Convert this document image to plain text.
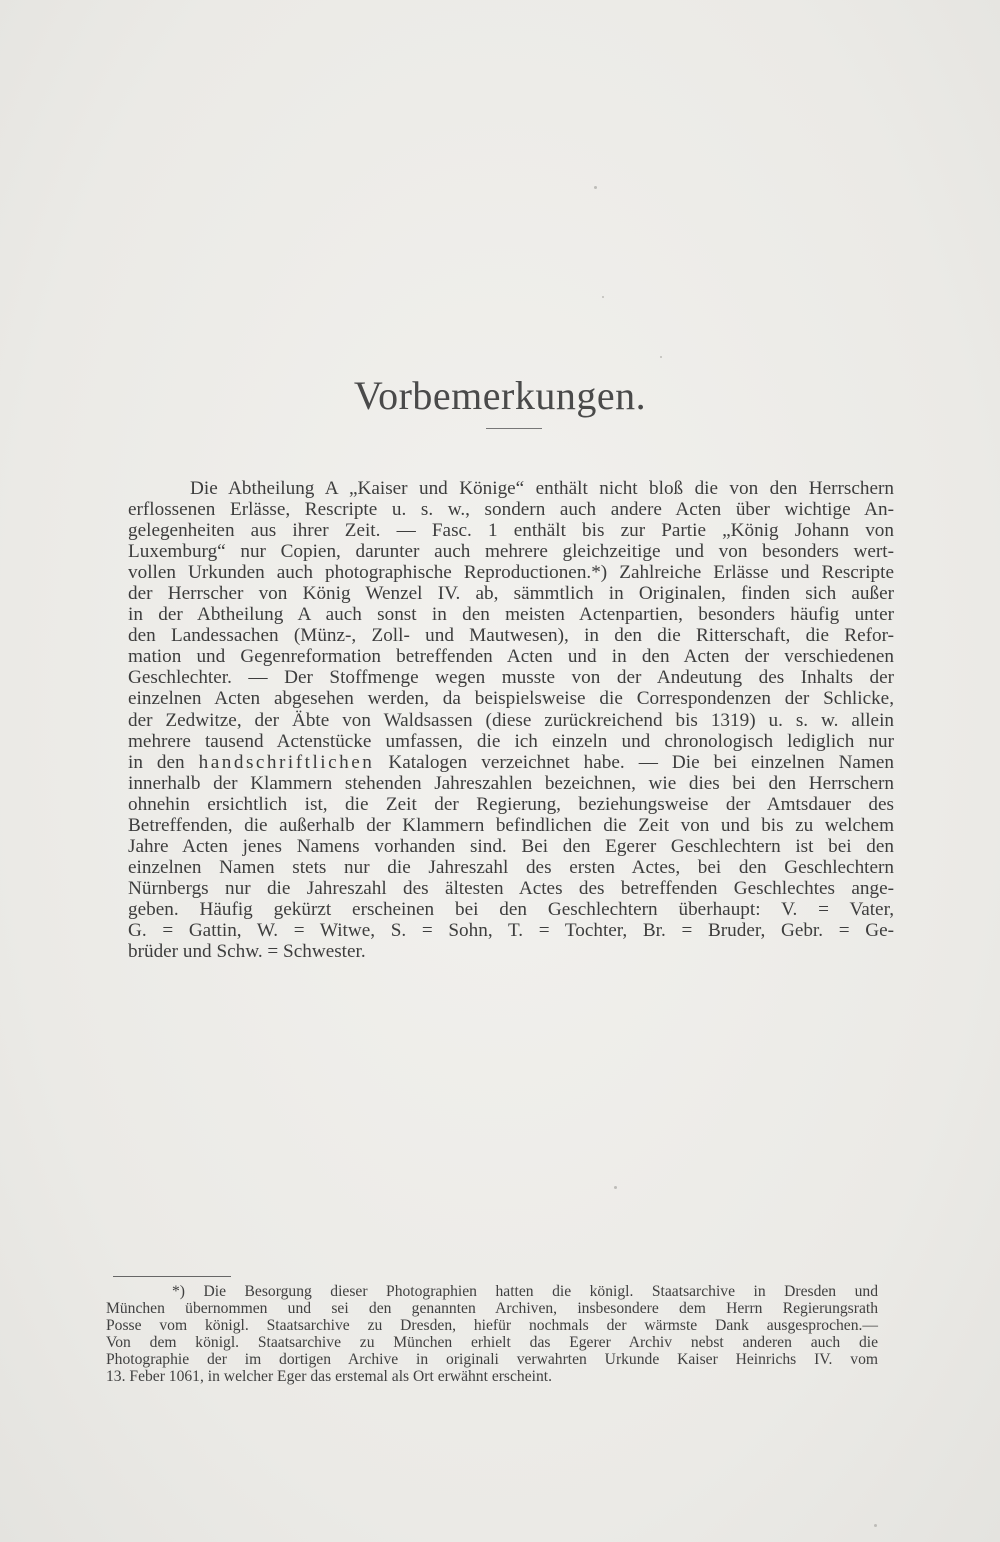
Vorbemerkungen.
Die Abtheilung A „Kaiser und Könige“ enthält nicht bloß die von den Herrschern
erflossenen Erlässe, Rescripte u. s. w., sondern auch andere Acten über wichtige An-
gelegenheiten aus ihrer Zeit. — Fasc. 1 enthält bis zur Partie „König Johann von
Luxemburg“ nur Copien, darunter auch mehrere gleichzeitige und von besonders wert-
vollen Urkunden auch photographische Reproductionen.*) Zahlreiche Erlässe und Rescripte
der Herrscher von König Wenzel IV. ab, sämmtlich in Originalen, finden sich außer
in der Abtheilung A auch sonst in den meisten Actenpartien, besonders häufig unter
den Landessachen (Münz-, Zoll- und Mautwesen), in den die Ritterschaft, die Refor-
mation und Gegenreformation betreffenden Acten und in den Acten der verschiedenen
Geschlechter. — Der Stoffmenge wegen musste von der Andeutung des Inhalts der
einzelnen Acten abgesehen werden, da beispielsweise die Correspondenzen der Schlicke,
der Zedwitze, der Äbte von Waldsassen (diese zurückreichend bis 1319) u. s. w. allein
mehrere tausend Actenstücke umfassen, die ich einzeln und chronologisch lediglich nur
in den handschriftlichen Katalogen verzeichnet habe. — Die bei einzelnen Namen
innerhalb der Klammern stehenden Jahreszahlen bezeichnen, wie dies bei den Herrschern
ohnehin ersichtlich ist, die Zeit der Regierung, beziehungsweise der Amtsdauer des
Betreffenden, die außerhalb der Klammern befindlichen die Zeit von und bis zu welchem
Jahre Acten jenes Namens vorhanden sind. Bei den Egerer Geschlechtern ist bei den
einzelnen Namen stets nur die Jahreszahl des ersten Actes, bei den Geschlechtern
Nürnbergs nur die Jahreszahl des ältesten Actes des betreffenden Geschlechtes ange-
geben. Häufig gekürzt erscheinen bei den Geschlechtern überhaupt: V. = Vater,
G. = Gattin, W. = Witwe, S. = Sohn, T. = Tochter, Br. = Bruder, Gebr. = Ge-
brüder und Schw. = Schwester.
*) Die Besorgung dieser Photographien hatten die königl. Staatsarchive in Dresden und
München übernommen und sei den genannten Archiven, insbesondere dem Herrn Regierungsrath
Posse vom königl. Staatsarchive zu Dresden, hiefür nochmals der wärmste Dank ausgesprochen.—
Von dem königl. Staatsarchive zu München erhielt das Egerer Archiv nebst anderen auch die
Photographie der im dortigen Archive in originali verwahrten Urkunde Kaiser Heinrichs IV. vom
13. Feber 1061, in welcher Eger das erstemal als Ort erwähnt erscheint.
